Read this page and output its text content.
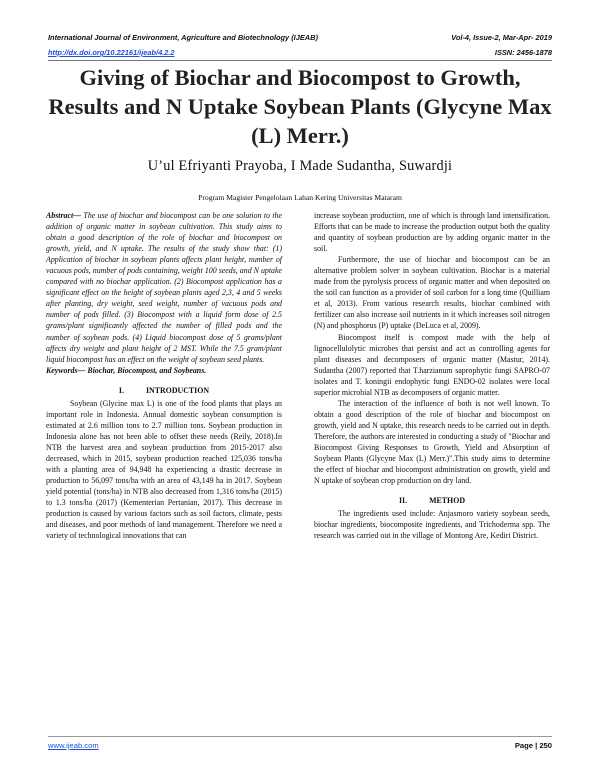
International Journal of Environment, Agriculture and Biotechnology (IJEAB)	Vol-4, Issue-2, Mar-Apr- 2019
http://dx.doi.org/10.22161/ijeab/4.2.2	ISSN: 2456-1878
Giving of Biochar and Biocompost to Growth, Results and N Uptake Soybean Plants (Glycyne Max (L) Merr.)
U’ul Efriyanti Prayoba, I Made Sudantha, Suwardji
Program Magister Pengelolaan Lahan Kering Universitas Mataram

Abstract— The use of biochar and biocompost can be one solution to the addition of organic matter in soybean cultivation. This study aims to obtain a good description of the role of biochar and biocompost on growth, yield, and N uptake. The results of the study show that: (1) Application of biochar in soybean plants affects plant height, number of vacuous pods, number of pods containing, weight 100 seeds, and N uptake compared with no biochar application. (2) Biocompost application has a significant effect on the height of soybean plants aged 2,3, 4 and 5 weeks after planting, dry weight, seed weight, number of vacuous pods and number of pods filled. (3) Biocompost with a liquid form dose of 2.5 grams/plant significantly affected the number of filled pods and the number of soybean pods. (4) Liquid biocompost dose of 5 grams/plant affects dry weight and plant height of 2 MST. While the 7.5 gram/plant liquid biocompost has an effect on the weight of soybean seed plants.

Keywords— Biochar, Biocompost, and Soybeans.

I.	INTRODUCTION

Soybean (Glycine max L) is one of the food plants that plays an important role in Indonesia. Annual domestic soybean consumption is estimated at 2.6 million tons to 2.7 million tons. Soybean production in Indonesia alone has not been able to offset these needs (Reily, 2018).In NTB the harvest area and soybean production from 2015-2017 also decreased, which in 2015, soybean production reached 125,036 tons/ha with a planting area of 94,948 ha experiencing a drastic decrease in production to 56,097 tons/ha with an area of 43,149 ha in 2017. Soybean yield potential (tons/ha) in NTB also decreased from 1,316 tons/ha (2015) to 1.3 tons/ha (2017) (Kementerian Pertanian, 2017). This decrease in production is caused by various factors such as soil factors, climate, pests and diseases, and poor methods of land management. Therefore we need a variety of technological innovations that can

increase soybean production, one of which is through land intensification. Efforts that can be made to increase the production output both the quality and quantity of soybean production are by adding organic matter in the soil.

Furthermore, the use of biochar and biocompost can be an alternative problem solver in soybean cultivation. Biochar is a material made from the pyrolysis process of organic matter and when deposited on the soil can function as a provider of soil carbon for a long time (Quilliam et al, 2013). From various research results, biochar combined with fertilizer can also increase soil nutrients in it which increases soil nitrogen (N) and phosphorus (P) uptake (DeLuca et al, 2009).

Biocompost itself is compost made with the help of lignocellulolytic microbes that persist and act as controlling agents for plant diseases and decomposers of organic matter (Mastur, 2014). Sudantha (2007) reported that T.harzianum saprophytic fungi SAPRO-07 isolates and T. koningii endophytic fungi ENDO-02 isolates were local superior microbial NTB as decomposers of organic matter.

The interaction of the influence of both is not well known. To obtain a good description of the role of biochar and biocompost on growth, yield and N uptake, this research needs to be carried out in depth. Therefore, the authors are interested in conducting a study of "Biochar and Biocompost Giving Responses to Growth, Yield and Absorption of Soybean Plants (Glycyne Max (L) Merr.)".This study aims to determine the effect of biochar and biocompost administration on growth, yield and N uptake of soybean crop production on dry land.

II.	METHOD

The ingredients used include: Anjasmoro variety soybean seeds, biochar ingredients, biocomposite ingredients, and Trichoderma spp. The research was carried out in the village of Montong Are, Kediri District.

www.ijeab.com	Page | 250
